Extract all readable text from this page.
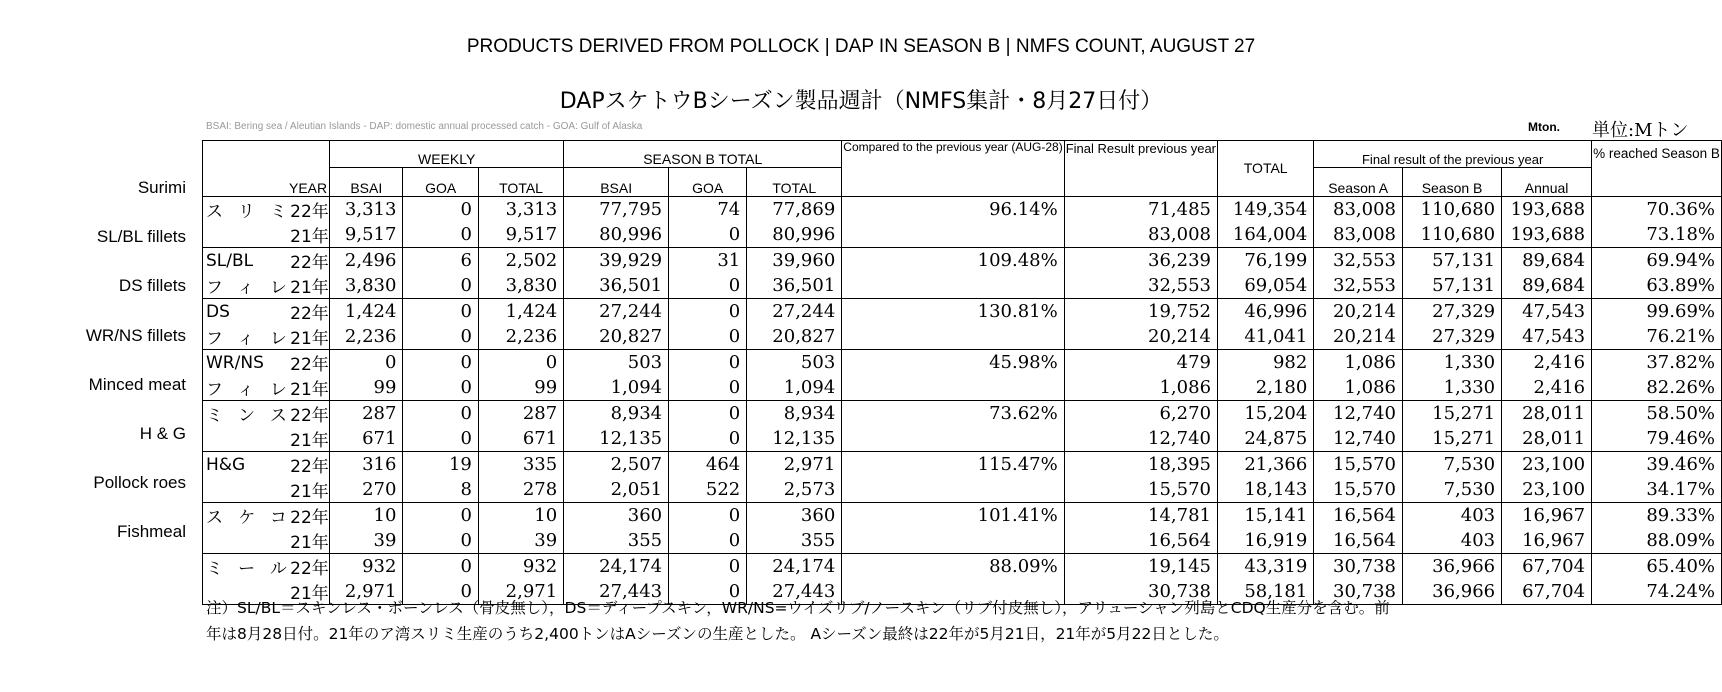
PRODUCTS DERIVED FROM POLLOCK | DAP IN SEASON B | NMFS COUNT, AUGUST 27
DAPスケトウBシーズン製品週計（NMFS集計・8月27日付）
BSAI: Bering sea / Aleutian Islands - DAP: domestic annual processed catch - GOA: Gulf of Alaska	Mton. 単位:Mトン
Surimi
SL/BL fillets
DS fillets
WR/NS fillets
Minced meat
H & G
Pollock roes
Fishmeal
YEAR		WEEKLY			SEASON B TOTAL			Compared to the previous year (AUG-28)	Final Result previous year	TOTAL	Final result of the previous year			% reached Season B
		BSAI	GOA	TOTAL	BSAI	GOA	TOTAL				Season A	Season B	Annual	
スリミ	22年	3,313	0	3,313	77,795	74	77,869	96.14%	71,485	149,354	83,008	110,680	193,688	70.36%
	21年	9,517	0	9,517	80,996	0	80,996		83,008	164,004	83,008	110,680	193,688	73.18%
SL/BL	22年	2,496	6	2,502	39,929	31	39,960	109.48%	36,239	76,199	32,553	57,131	89,684	69.94%
フィレ	21年	3,830	0	3,830	36,501	0	36,501		32,553	69,054	32,553	57,131	89,684	63.89%
DS	22年	1,424	0	1,424	27,244	0	27,244	130.81%	19,752	46,996	20,214	27,329	47,543	99.69%
フィレ	21年	2,236	0	2,236	20,827	0	20,827		20,214	41,041	20,214	27,329	47,543	76.21%
WR/NS	22年	0	0	0	503	0	503	45.98%	479	982	1,086	1,330	2,416	37.82%
フィレ	21年	99	0	99	1,094	0	1,094		1,086	2,180	1,086	1,330	2,416	82.26%
ミンス	22年	287	0	287	8,934	0	8,934	73.62%	6,270	15,204	12,740	15,271	28,011	58.50%
	21年	671	0	671	12,135	0	12,135		12,740	24,875	12,740	15,271	28,011	79.46%
H&G	22年	316	19	335	2,507	464	2,971	115.47%	18,395	21,366	15,570	7,530	23,100	39.46%
	21年	270	8	278	2,051	522	2,573		15,570	18,143	15,570	7,530	23,100	34.17%
スケコ	22年	10	0	10	360	0	360	101.41%	14,781	15,141	16,564	403	16,967	89.33%
	21年	39	0	39	355	0	355		16,564	16,919	16,564	403	16,967	88.09%
ミール	22年	932	0	932	24,174	0	24,174	88.09%	19,145	43,319	30,738	36,966	67,704	65.40%
	21年	2,971	0	2,971	27,443	0	27,443		30,738	58,181	30,738	36,966	67,704	74.24%
注）SL/BL＝スキンレス・ボーンレス（骨皮無し），DS＝ディープスキン，WR/NS=ウイズリブ/ノースキン（リブ付皮無し），アリューシャン列島とCDQ生産分を含む。前
年は8月28日付。21年のア湾スリミ生産のうち2,400トンはAシーズンの生産とした。 Aシーズン最終は22年が5月21日，21年が5月22日とした。
